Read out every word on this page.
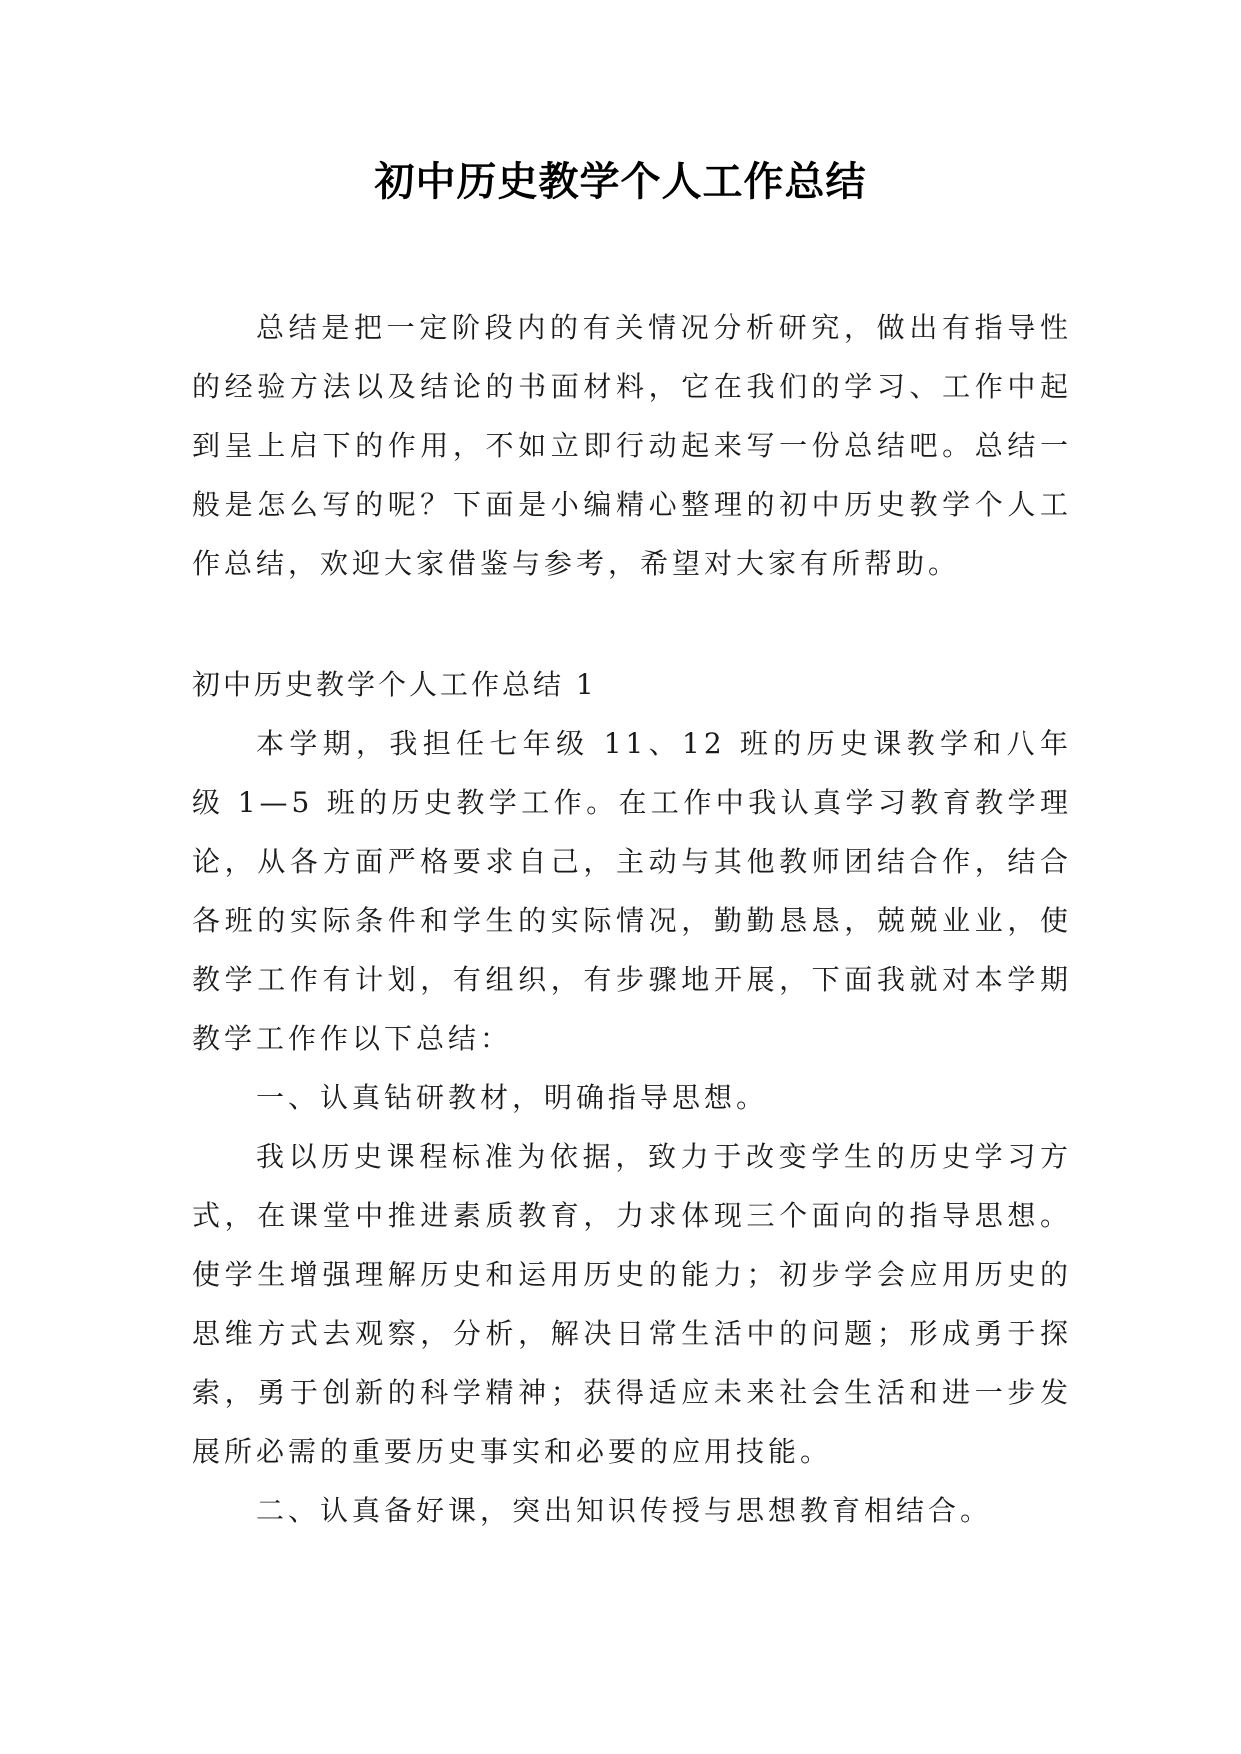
初中历史教学个人工作总结

总结是把一定阶段内的有关情况分析研究，做出有指导性的经验方法以及结论的书面材料，它在我们的学习、工作中起到呈上启下的作用，不如立即行动起来写一份总结吧。总结一般是怎么写的呢？下面是小编精心整理的初中历史教学个人工作总结，欢迎大家借鉴与参考，希望对大家有所帮助。

初中历史教学个人工作总结 1

本学期，我担任七年级 11、12 班的历史课教学和八年级 1—5 班的历史教学工作。在工作中我认真学习教育教学理论，从各方面严格要求自己，主动与其他教师团结合作，结合各班的实际条件和学生的实际情况，勤勤恳恳，兢兢业业，使教学工作有计划，有组织，有步骤地开展，下面我就对本学期教学工作作以下总结：

一、认真钻研教材，明确指导思想。

我以历史课程标准为依据，致力于改变学生的历史学习方式，在课堂中推进素质教育，力求体现三个面向的指导思想。使学生增强理解历史和运用历史的能力；初步学会应用历史的思维方式去观察，分析，解决日常生活中的问题；形成勇于探索，勇于创新的科学精神；获得适应未来社会生活和进一步发展所必需的重要历史事实和必要的应用技能。

二、认真备好课，突出知识传授与思想教育相结合。
